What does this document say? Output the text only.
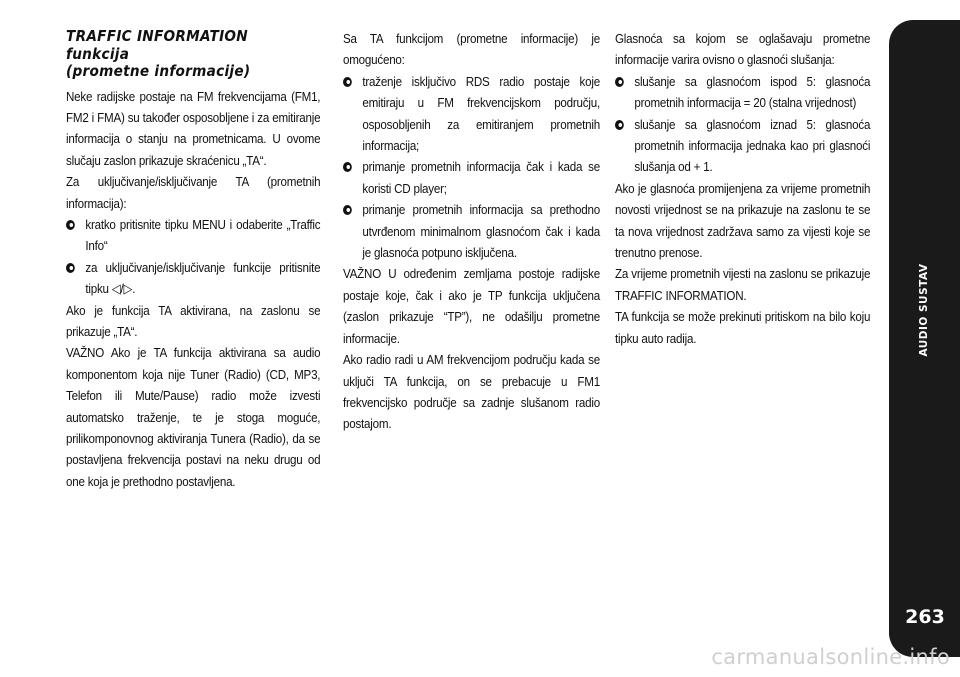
TRAFFIC INFORMATION
funkcija
(prometne informacije)

Neke radijske postaje na FM frekvencijama (FM1, FM2 i FMA) su također osposobljene i za emitiranje informacija o stanju na prometnicama. U ovome slučaju zaslon prikazuje skraćenicu „TA“.

Za uključivanje/isključivanje TA (prometnih informacija):

kratko pritisnite tipku MENU i odaberite „Traffic Info“
za uključivanje/isključivanje funkcije pritisnite tipku ◁/▷.

Ako je funkcija TA aktivirana, na zaslonu se prikazuje „TA“.

VAŽNO Ako je TA funkcija aktivirana sa audio komponentom koja nije Tuner (Radio) (CD, MP3, Telefon ili Mute/Pause) radio može izvesti automatsko traženje, te je stoga moguće, prilikomponovnog aktiviranja Tunera (Radio), da se postavljena frekvencija postavi na neku drugu od one koja je prethodno postavljena.

Sa TA funkcijom (prometne informacije) je omogućeno:

traženje isključivo RDS radio postaje koje emitiraju u FM frekvencijskom području, osposobljenih za emitiranjem prometnih informacija;
primanje prometnih informacija čak i kada se koristi CD player;
primanje prometnih informacija sa prethodno utvrđenom minimalnom glasnoćom čak i kada je glasnoća potpuno isključena.

VAŽNO U određenim zemljama postoje radijske postaje koje, čak i ako je TP funkcija uključena (zaslon prikazuje “TP”), ne odašilju prometne informacije.

Ako radio radi u AM frekvencijom području kada se uključi TA funkcija, on se prebacuje u FM1 frekvencijsko područje sa zadnje slušanom radio postajom.

Glasnoća sa kojom se oglašavaju prometne informacije varira ovisno o glasnoći slušanja:

slušanje sa glasnoćom ispod 5: glasnoća prometnih informacija = 20 (stalna vrijednost)
slušanje sa glasnoćom iznad 5: glasnoća prometnih informacija jednaka kao pri glasnoći slušanja od + 1.

Ako je glasnoća promijenjena za vrijeme prometnih novosti vrijednost se na prikazuje na zaslonu te se ta nova vrijednost zadržava samo za vijesti koje se trenutno prenose.

Za vrijeme prometnih vijesti na zaslonu se prikazuje TRAFFIC INFORMATION.

TA funkcija se može prekinuti pritiskom na bilo koju tipku auto radija.	AUDIO SUSTAV
263
carmanualsonline.info
